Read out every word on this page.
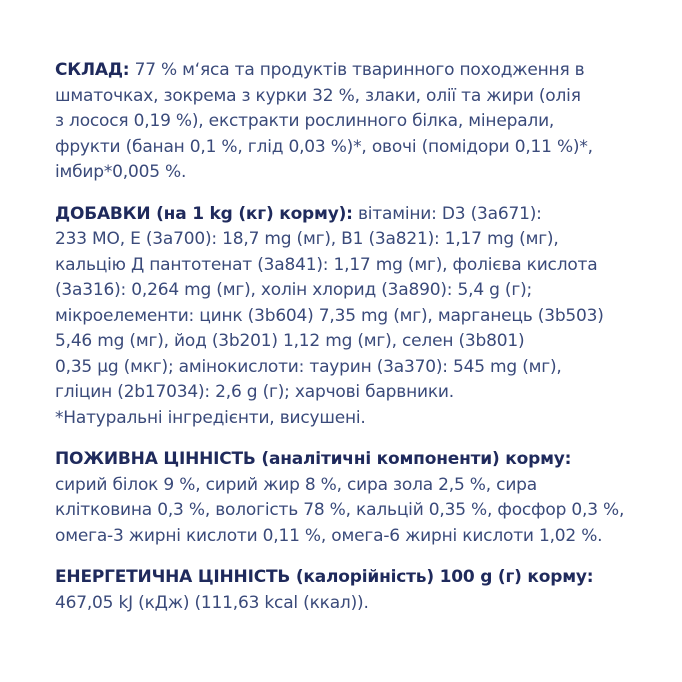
СКЛАД: 77 % м‘яса та продуктів тваринного походження в
шматочках, зокрема з курки 32 %, злаки, олії та жири (олія
з лосося 0,19 %), екстракти рослинного білка, мінерали,
фрукти (банан 0,1 %, глід 0,03 %)*, овочі (помідори 0,11 %)*,
імбир*0,005 %.
ДОБАВКИ (на 1 kg (кг) корму): вітаміни: D3 (3a671):
233 МО, Е (3а700): 18,7 mg (мг), В1 (3а821): 1,17 mg (мг),
кальцію Д пантотенат (3а841): 1,17 mg (мг), фолієва кислота
(3а316): 0,264 mg (мг), холін хлорид (3а890): 5,4 g (г);
мікроелементи: цинк (3b604) 7,35 mg (мг), марганець (3b503)
5,46 mg (мг), йод (3b201) 1,12 mg (мг), селен (3b801)
0,35 µg (мкг); амінокислоти: таурин (3а370): 545 mg (мг),
гліцин (2b17034): 2,6 g (г); харчові барвники.
*Натуральні інгредієнти, висушені.
ПОЖИВНА ЦІННІСТЬ (аналітичні компоненти) корму:
сирий білок 9 %, сирий жир 8 %, сира зола 2,5 %, сира
клітковина 0,3 %, вологість 78 %, кальцій 0,35 %, фосфор 0,3 %,
омега-3 жирні кислоти 0,11 %, омега-6 жирні кислоти 1,02 %.
ЕНЕРГЕТИЧНА ЦІННІСТЬ (калорійність) 100 g (г) корму:
467,05 kJ (кДж) (111,63 kcal (ккал)).
